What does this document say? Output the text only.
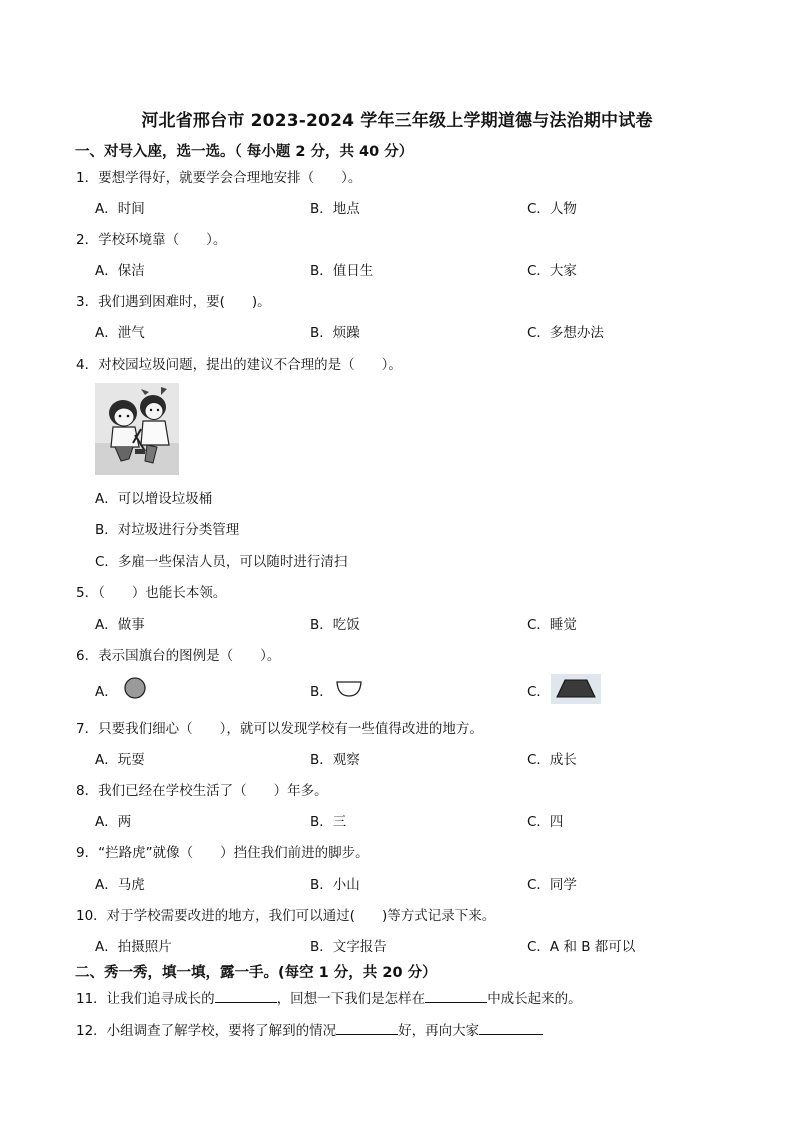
河北省邢台市 2023-2024 学年三年级上学期道德与法治期中试卷
一、对号入座，选一选。（ 每小题 2 分，共 40 分）
1．要想学得好，就要学会合理地安排（　　）。
A．时间	B．地点	C．人物
2．学校环境靠（　　）。
A．保洁	B．值日生	C．大家
3．我们遇到困难时，要(　　)。
A．泄气	B．烦躁	C．多想办法
4．对校园垃圾问题，提出的建议不合理的是（　　）。
A．可以增设垃圾桶
B．对垃圾进行分类管理
C．多雇一些保洁人员，可以随时进行清扫
5．（　　）也能长本领。
A．做事	B．吃饭	C．睡觉
6．表示国旗台的图例是（　　）。
A．	B．	C．
7．只要我们细心（　　），就可以发现学校有一些值得改进的地方。
A．玩耍	B．观察	C．成长
8．我们已经在学校生活了（　　）年多。
A．两	B．三	C．四
9．“拦路虎”就像（　　）挡住我们前进的脚步。
A．马虎	B．小山	C．同学
10．对于学校需要改进的地方，我们可以通过(　　)等方式记录下来。
A．拍摄照片	B．文字报告	C．A 和 B 都可以
二、秀一秀，填一填，露一手。(每空 1 分，共 20 分）
11．让我们追寻成长的	，回想一下我们是怎样在	中成长起来的。
12．小组调查了解学校，要将了解到的情况	好，再向大家
